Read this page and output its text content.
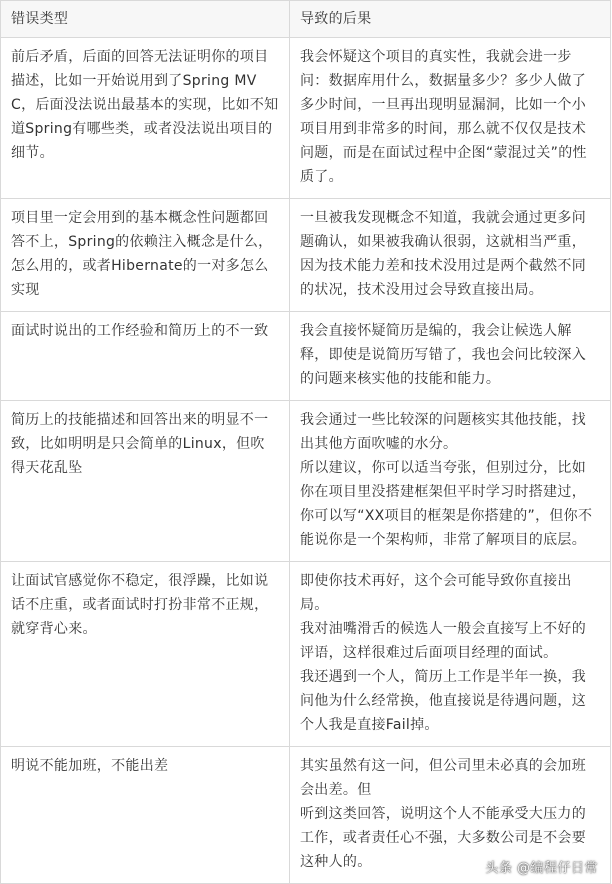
错误类型	导致的后果
前后矛盾，后面的回答无法证明你的项目描述，比如一开始说用到了Spring MVC，后面没法说出最基本的实现，比如不知道Spring有哪些类，或者没法说出项目的细节。	我会怀疑这个项目的真实性，我就会进一步问：数据库用什么，数据量多少？多少人做了多少时间，一旦再出现明显漏洞，比如一个小项目用到非常多的时间，那么就不仅仅是技术问题，而是在面试过程中企图“蒙混过关”的性质了。

项目里一定会用到的基本概念性问题都回答不上，Spring的依赖注入概念是什么，怎么用的，或者Hibernate的一对多怎么实现	一旦被我发现概念不知道，我就会通过更多问题确认，如果被我确认很弱，这就相当严重，因为技术能力差和技术没用过是两个截然不同的状况，技术没用过会导致直接出局。

面试时说出的工作经验和简历上的不一致	我会直接怀疑简历是编的，我会让候选人解释，即使是说简历写错了，我也会问比较深入的问题来核实他的技能和能力。

简历上的技能描述和回答出来的明显不一致，比如明明是只会简单的Linux，但吹得天花乱坠	我会通过一些比较深的问题核实其他技能，找出其他方面吹嘘的水分。
所以建议，你可以适当夸张，但别过分，比如你在项目里没搭建框架但平时学习时搭建过，你可以写“XX项目的框架是你搭建的”，但你不能说你是一个架构师，非常了解项目的底层。

让面试官感觉你不稳定，很浮躁，比如说话不庄重，或者面试时打扮非常不正规，就穿背心来。	即使你技术再好，这个会可能导致你直接出局。
我对油嘴滑舌的候选人一般会直接写上不好的评语，这样很难过后面项目经理的面试。
我还遇到一个人，简历上工作是半年一换，我问他为什么经常换，他直接说是待遇问题，这个人我是直接Fail掉。

明说不能加班，不能出差	其实虽然有这一问，但公司里未必真的会加班会出差。但
听到这类回答，说明这个人不能承受大压力的工作，或者责任心不强，大多数公司是不会要这种人的。	头条 @编程仔日常
